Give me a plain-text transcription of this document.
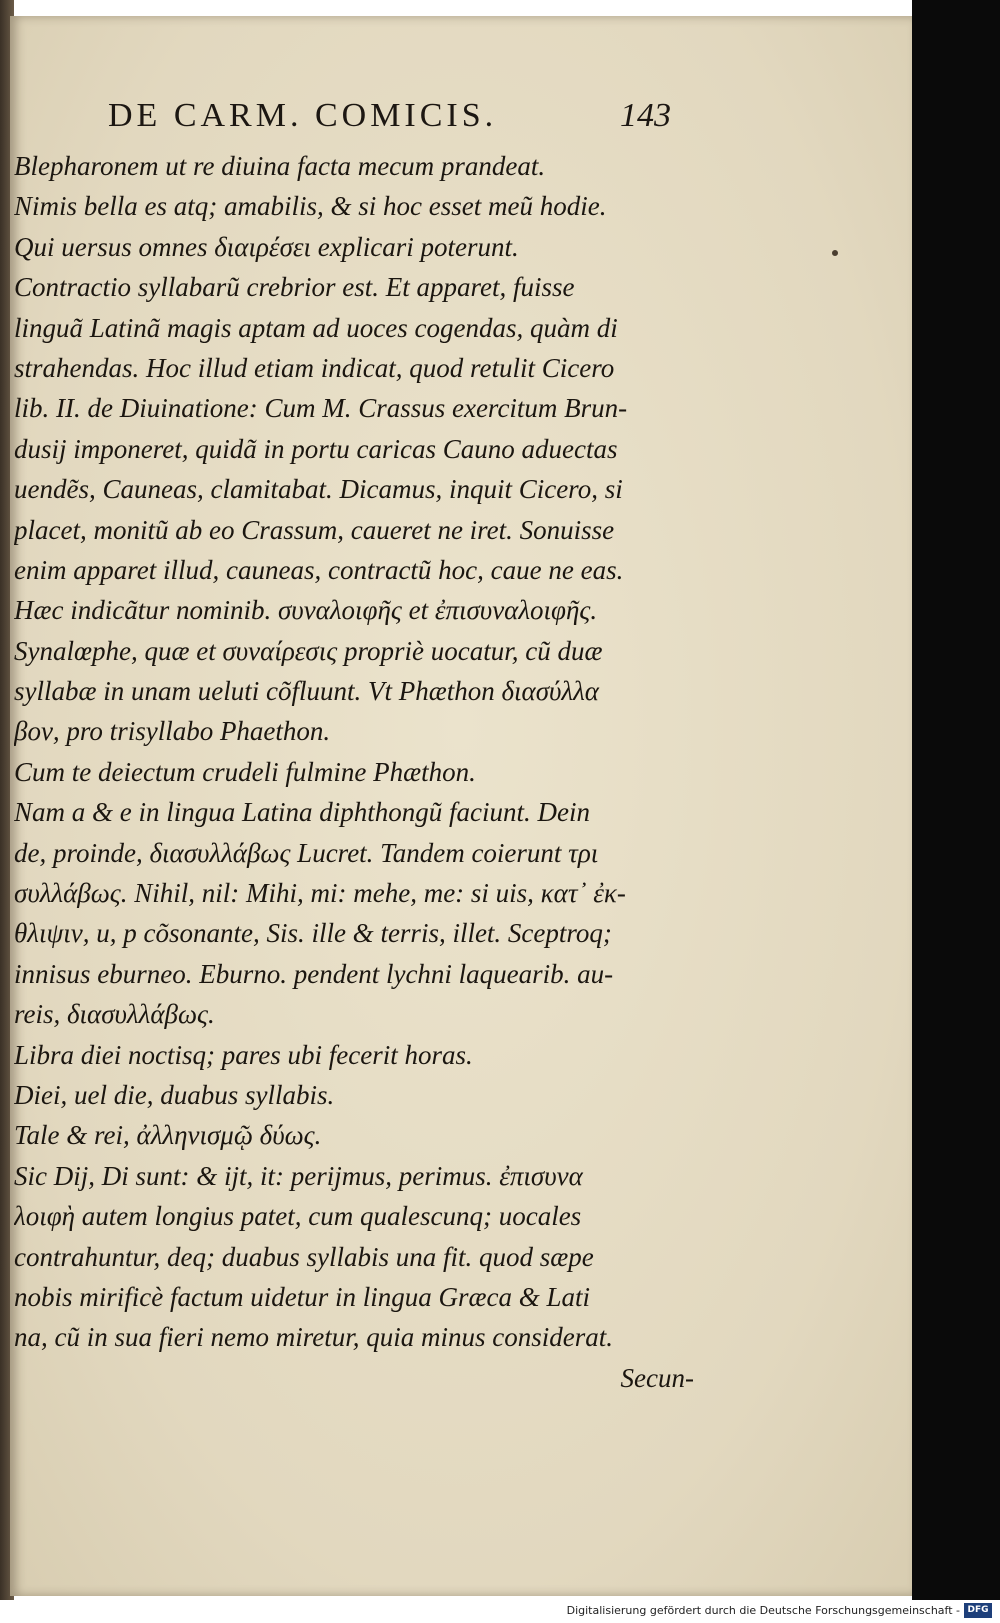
DE CARM. COMICIS.	143
Blepharonem ut re diuina facta mecum prandeat.
Nimis bella es atq; amabilis, & si hoc esset meũ hodie.
Qui uersus omnes διαιρέσει explicari poterunt.
Contractio syllabarũ crebrior est. Et apparet, fuisse
linguã Latinã magis aptam ad uoces cogendas, quàm di
strahendas. Hoc illud etiam indicat, quod retulit Cicero
lib. II. de Diuinatione: Cum M. Crassus exercitum Brun-
dusij imponeret, quidã in portu caricas Cauno aduectas
uendẽs, Cauneas, clamitabat. Dicamus, inquit Cicero, si
placet, monitũ ab eo Crassum, caueret ne iret. Sonuisse
enim apparet illud, cauneas, contractũ hoc, caue ne eas.
Hæc indicãtur nominib. συναλοιφῆς et ἐπισυναλοιφῆς.
Synalœphe, quæ et συναίρεσις propriè uocatur, cũ duæ
syllabæ in unam ueluti cõfluunt. Vt Phæthon διασύλλα
βον, pro trisyllabo Phaethon.
Cum te deiectum crudeli fulmine Phæthon.
Nam a & e in lingua Latina diphthongũ faciunt. Dein
de, proinde, διασυλλάβως Lucret. Tandem coierunt τρι
συλλάβως. Nihil, nil: Mihi, mi: mehe, me: si uis, κατ᾽ ἐκ-
θλιψιν, u, p cõsonante, Sis. ille & terris, illet. Sceptroq;
innisus eburneo. Eburno. pendent lychni laquearib. au-
reis, διασυλλάβως.
Libra diei noctisq; pares ubi fecerit horas.
Diei, uel die, duabus syllabis.
Tale & rei, ἀλληνισμῷ δύως.
Sic Dij, Di sunt: & ijt, it: perijmus, perimus. ἐπισυνα
λοιφὴ autem longius patet, cum qualescunq; uocales
contrahuntur, deq; duabus syllabis una fit. quod sæpe
nobis mirificè factum uidetur in lingua Græca & Lati
na, cũ in sua fieri nemo miretur, quia minus considerat.
Secun-
Digitalisierung gefördert durch die Deutsche Forschungsgemeinschaft - DFG
